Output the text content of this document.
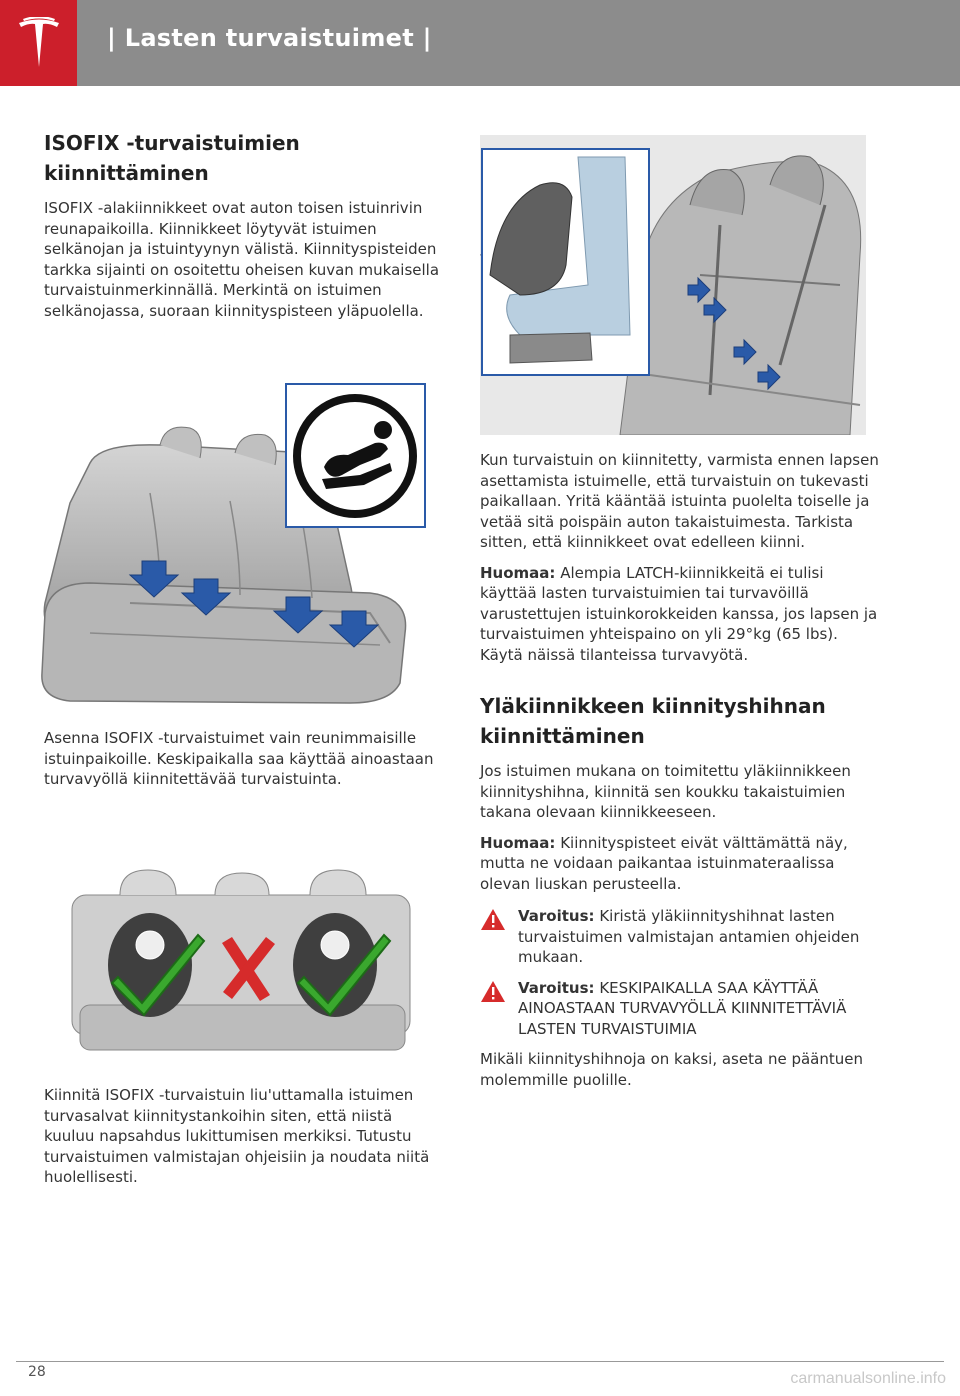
| Lasten turvaistuimet |
ISOFIX -turvaistuimien kiinnittäminen

ISOFIX -alakiinnikkeet ovat auton toisen istuinrivin reunapaikoilla. Kiinnikkeet löytyvät istuimen selkänojan ja istuintyynyn välistä. Kiinnityspisteiden tarkka sijainti on osoitettu oheisen kuvan mukaisella turvaistuinmerkinnällä. Merkintä on istuimen selkänojassa, suoraan kiinnityspisteen yläpuolella.

Asenna ISOFIX -turvaistuimet vain reunimmaisille istuinpaikoille. Keskipaikalla saa käyttää ainoastaan turvavyöllä kiinnitettävää turvaistuinta.

Kiinnitä ISOFIX -turvaistuin liu'uttamalla istuimen turvasalvat kiinnitystankoihin siten, että niistä kuuluu napsahdus lukittumisen merkiksi. Tutustu turvaistuimen valmistajan ohjeisiin ja noudata niitä huolellisesti.

Kun turvaistuin on kiinnitetty, varmista ennen lapsen asettamista istuimelle, että turvaistuin on tukevasti paikallaan. Yritä kääntää istuinta puolelta toiselle ja vetää sitä poispäin auton takaistuimesta. Tarkista sitten, että kiinnikkeet ovat edelleen kiinni.

Huomaa: Alempia LATCH-kiinnikkeitä ei tulisi käyttää lasten turvaistuimien tai turvavöillä varustettujen istuinkorokkeiden kanssa, jos lapsen ja turvaistuimen yhteispaino on yli 29°kg (65 lbs). Käytä näissä tilanteissa turvavyötä.

Yläkiinnikkeen kiinnityshihnan kiinnittäminen

Jos istuimen mukana on toimitettu yläkiinnikkeen kiinnityshihna, kiinnitä sen koukku takaistuimien takana olevaan kiinnikkeeseen.

Huomaa: Kiinnityspisteet eivät välttämättä näy, mutta ne voidaan paikantaa istuinmateraalissa olevan liuskan perusteella.

Varoitus: Kiristä yläkiinnityshihnat lasten turvaistuimen valmistajan antamien ohjeiden mukaan.

Varoitus: KESKIPAIKALLA SAA KÄYTTÄÄ AINOASTAAN TURVAVYÖLLÄ KIINNITETTÄVIÄ LASTEN TURVAISTUIMIA

Mikäli kiinnityshihnoja on kaksi, aseta ne pääntuen molemmille puolille.

28	carmanualsonline.info
